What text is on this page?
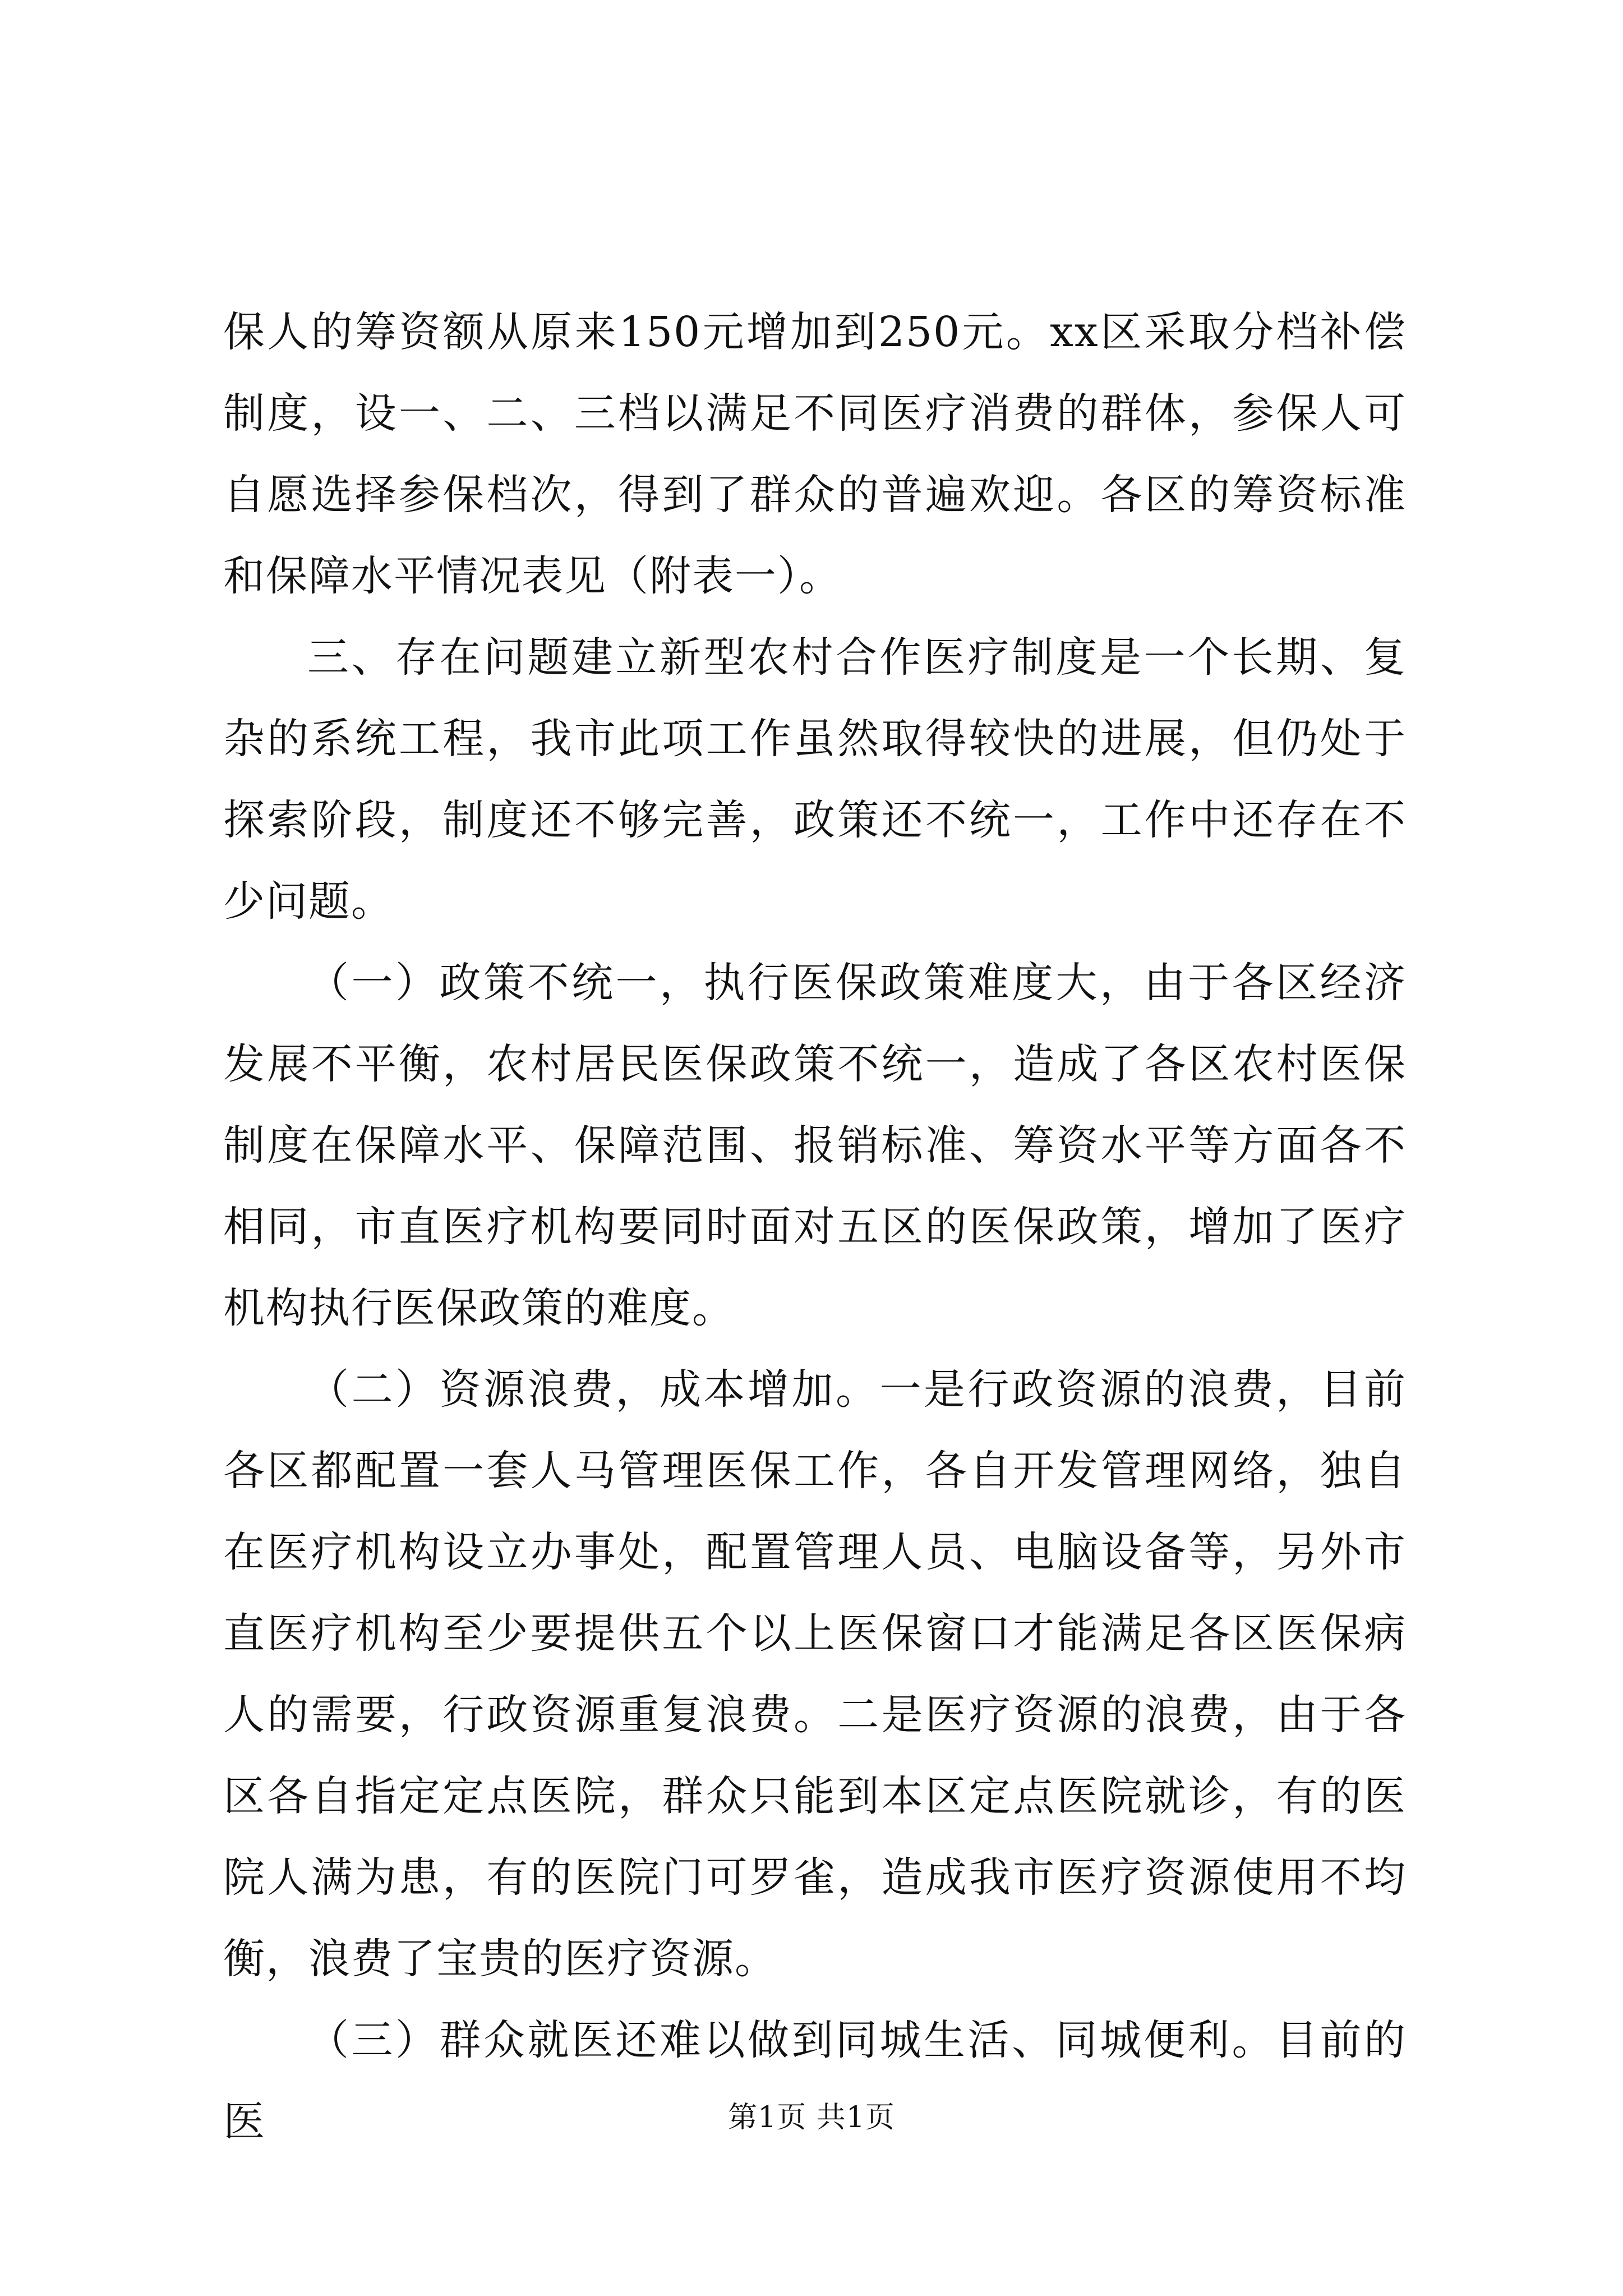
保人的筹资额从原来150元增加到250元。xx区采取分档补偿制度，设一、二、三档以满足不同医疗消费的群体，参保人可自愿选择参保档次，得到了群众的普遍欢迎。各区的筹资标准和保障水平情况表见（附表一）。

三、存在问题建立新型农村合作医疗制度是一个长期、复杂的系统工程，我市此项工作虽然取得较快的进展，但仍处于探索阶段，制度还不够完善，政策还不统一，工作中还存在不少问题。

（一）政策不统一，执行医保政策难度大，由于各区经济发展不平衡，农村居民医保政策不统一，造成了各区农村医保制度在保障水平、保障范围、报销标准、筹资水平等方面各不相同，市直医疗机构要同时面对五区的医保政策，增加了医疗机构执行医保政策的难度。

（二）资源浪费，成本增加。一是行政资源的浪费，目前各区都配置一套人马管理医保工作，各自开发管理网络，独自在医疗机构设立办事处，配置管理人员、电脑设备等，另外市直医疗机构至少要提供五个以上医保窗口才能满足各区医保病人的需要，行政资源重复浪费。二是医疗资源的浪费，由于各区各自指定定点医院，群众只能到本区定点医院就诊，有的医院人满为患，有的医院门可罗雀，造成我市医疗资源使用不均衡，浪费了宝贵的医疗资源。

（三）群众就医还难以做到同城生活、同城便利。目前的医	第1页 共1页
